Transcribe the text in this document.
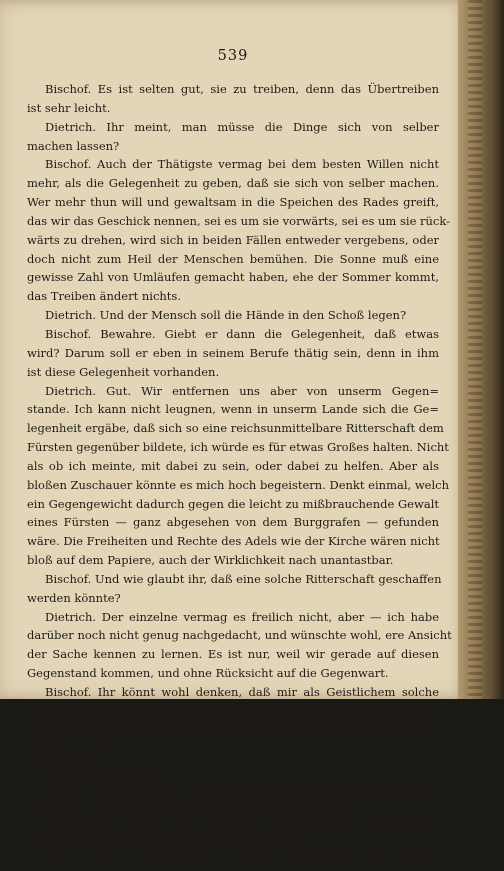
539
Bischof. Es ist selten gut, sie zu treiben, denn das Übertreiben
ist sehr leicht.
Dietrich. Ihr meint, man müsse die Dinge sich von selber
machen lassen?
Bischof. Auch der Thätigste vermag bei dem besten Willen nicht
mehr, als die Gelegenheit zu geben, daß sie sich von selber machen.
Wer mehr thun will und gewaltsam in die Speichen des Rades greift,
das wir das Geschick nennen, sei es um sie vorwärts, sei es um sie rück-
wärts zu drehen, wird sich in beiden Fällen entweder vergebens, oder
doch nicht zum Heil der Menschen bemühen. Die Sonne muß eine
gewisse Zahl von Umläufen gemacht haben, ehe der Sommer kommt,
das Treiben ändert nichts.
Dietrich. Und der Mensch soll die Hände in den Schoß legen?
Bischof. Bewahre. Giebt er dann die Gelegenheit, daß etwas
wird? Darum soll er eben in seinem Berufe thätig sein, denn in ihm
ist diese Gelegenheit vorhanden.
Dietrich. Gut. Wir entfernen uns aber von unserm Gegen=
stande. Ich kann nicht leugnen, wenn in unserm Lande sich die Ge=
legenheit ergäbe, daß sich so eine reichsunmittelbare Ritterschaft dem
Fürsten gegenüber bildete, ich würde es für etwas Großes halten. Nicht
als ob ich meinte, mit dabei zu sein, oder dabei zu helfen. Aber als
bloßen Zuschauer könnte es mich hoch begeistern. Denkt einmal, welch
ein Gegengewicht dadurch gegen die leicht zu mißbrauchende Gewalt
eines Fürsten — ganz abgesehen von dem Burggrafen — gefunden
wäre. Die Freiheiten und Rechte des Adels wie der Kirche wären nicht
bloß auf dem Papiere, auch der Wirklichkeit nach unantastbar.
Bischof. Und wie glaubt ihr, daß eine solche Ritterschaft geschaffen
werden könnte?
Dietrich. Der einzelne vermag es freilich nicht, aber — ich habe
darüber noch nicht genug nachgedacht, und wünschte wohl, ere Ansicht
der Sache kennen zu lernen. Es ist nur, weil wir gerade auf diesen
Gegenstand kommen, und ohne Rücksicht auf die Gegenwart.
Bischof. Ihr könnt wohl denken, daß mir als Geistlichem solche
Entwürfe fernliegen. Aber das ergiebt sich bei geringem Nachdenken,
daß mehrere der mächtigsten von Adel zusammentreten und sich ver=
binden müßten.
Dietrich. Und dann? —
Bischof. Dann würden sie sich an den Kaiser wenden müssen und
ihn bitten, ihnen die Reichsunmittelbarkeit zu verleihen.
Dietrich. Ihr glaubt, der würde sie gewähren? Er ist ja selber
Fürst und außerdem ein Freund des Burggrafen.
Bischof. Ja so, ihr sprecht von einem bestimmten Falle. Aller=
